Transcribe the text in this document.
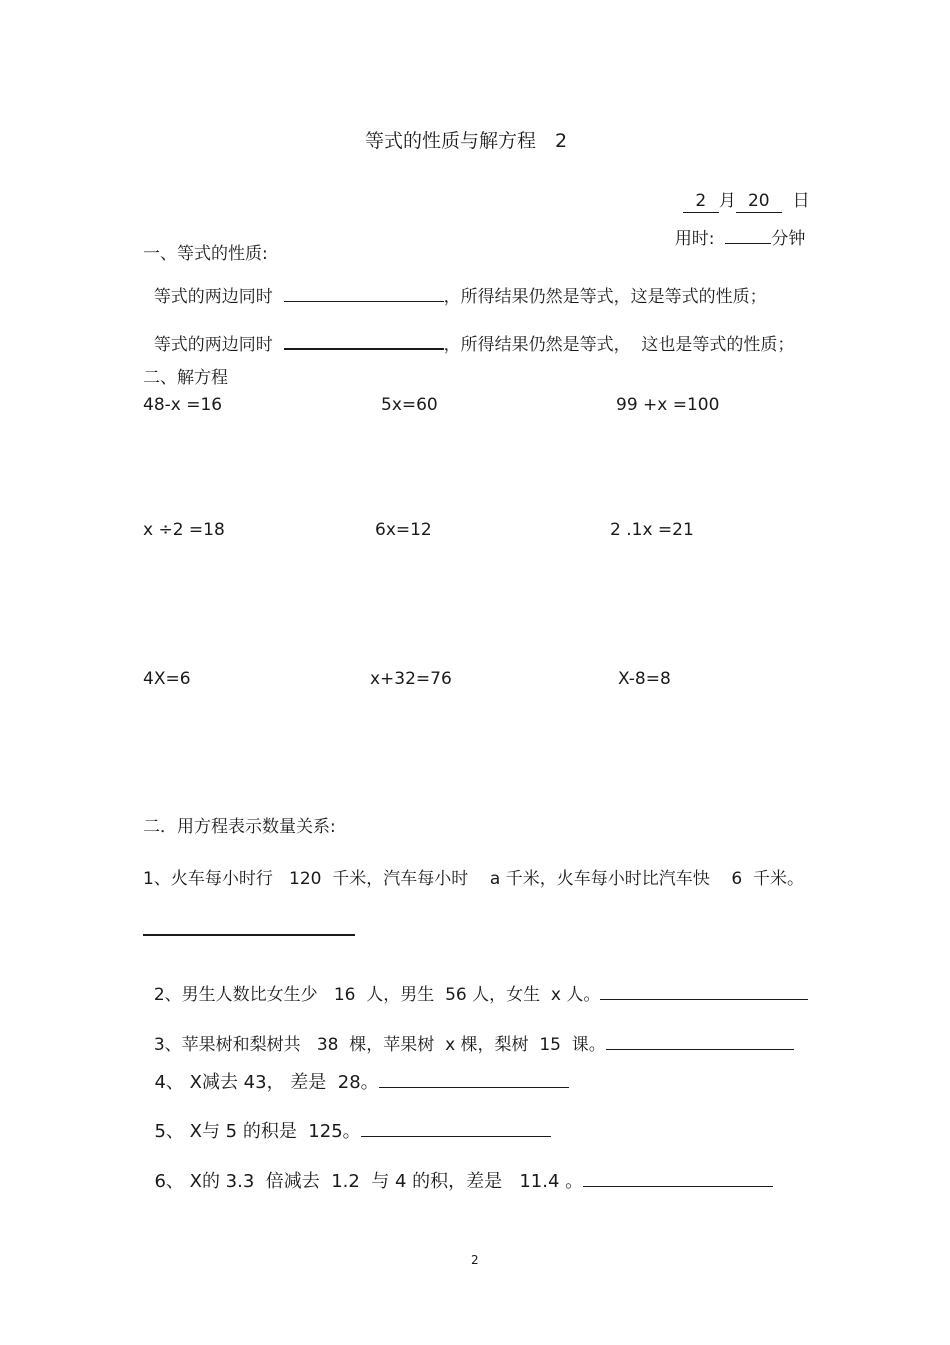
等式的性质与解方程　2

2 月 20 日

用时:	分钟

一、等式的性质:

等式的两边同时	，所得结果仍然是等式，这是等式的性质；

等式的两边同时	，所得结果仍然是等式，  这也是等式的性质；

二、解方程
48-x =16	5x=60	99 +x =100
x ÷2 =18	6x=12	2 .1x =21
4X=6	x+32=76	X-8=8
二．用方程表示数量关系:
1、火车每小时行   120  千米，汽车每小时    a 千米，火车每小时比汽车快    6  千米。

2、男生人数比女生少   16  人，男生  56 人，女生  x 人。

3、苹果树和梨树共   38  棵，苹果树  x 棵，梨树  15  课。

4、 X减去 43， 差是  28。

5、 X与 5 的积是  125。

6、 X的 3.3  倍减去  1.2  与 4 的积，差是   11.4 。

2
